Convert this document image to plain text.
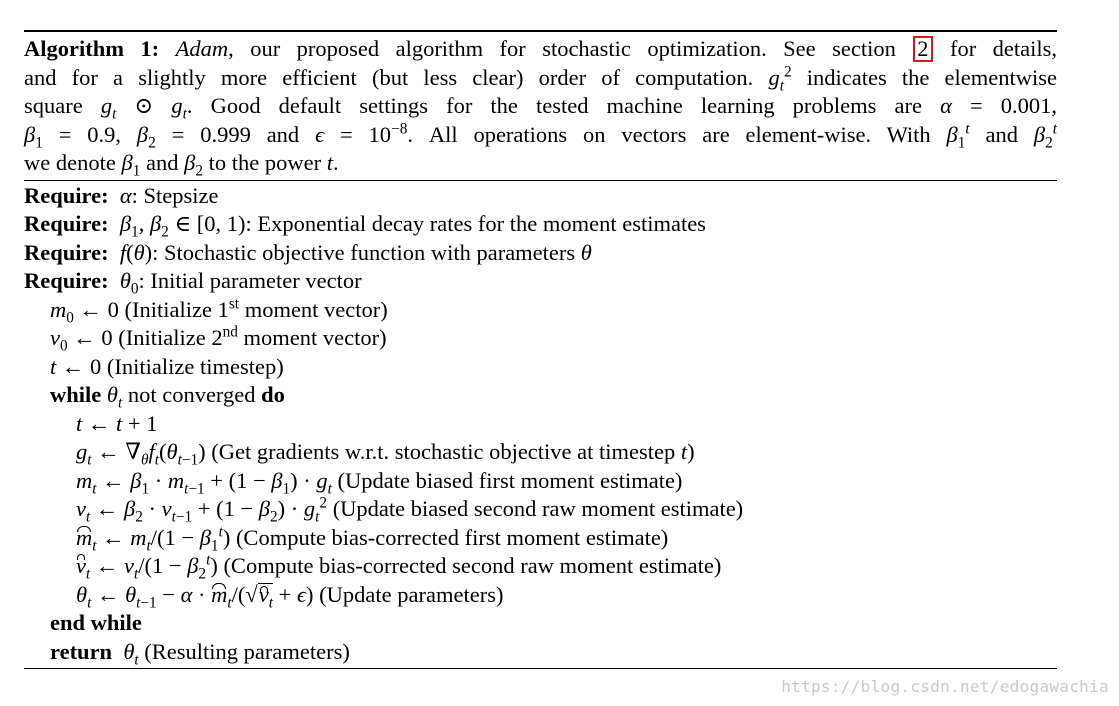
Algorithm 1: Adam, our proposed algorithm for stochastic optimization. See section 2 for details,
and for a slightly more efficient (but less clear) order of computation. $g_t^2$ indicates the elementwise
square $g_t$ ⊙ $g_t$. Good default settings for the tested machine learning problems are α = 0.001,
$\beta_1 = 0.9$, $\beta_2 = 0.999$ and $\epsilon = 10^{-8}$. All operations on vectors are element-wise. With $\beta_1^t$ and $\beta_2^t$
we denote $\beta_1$ and $\beta_2$ to the power t.
Require: α: Stepsize
Require: $\beta_1$, $\beta_2$ ∈ [0, 1): Exponential decay rates for the moment estimates
Require: f(θ): Stochastic objective function with parameters θ
Require: $\theta_0$: Initial parameter vector
$m_0$ ← 0 (Initialize 1st moment vector)
$v_0$ ← 0 (Initialize 2nd moment vector)
t ← 0 (Initialize timestep)
while $\theta_t$ not converged do
t ← t + 1
$g_t$ ← $\nabla_\theta f_t(\theta_{t-1})$ (Get gradients w.r.t. stochastic objective at timestep t)
$m_t$ ← $\beta_1 \cdot m_{t-1} + (1 - \beta_1) \cdot g_t$ (Update biased first moment estimate)
$v_t$ ← $\beta_2 \cdot v_{t-1} + (1 - \beta_2) \cdot g_t^2$ (Update biased second raw moment estimate)
$m_t$ ← $m_t/(1 - \beta_1^t)$ (Compute bias-corrected first moment estimate)
$v_t$ ← $v_t/(1 - \beta_2^t)$ (Compute bias-corrected second raw moment estimate)
$\theta_t$ ← $\theta_{t-1} - \alpha \cdot m_t/(√v_t + \epsilon)$ (Update parameters)
end while
return $\theta_t$ (Resulting parameters)
https://blog.csdn.net/edogawachia
